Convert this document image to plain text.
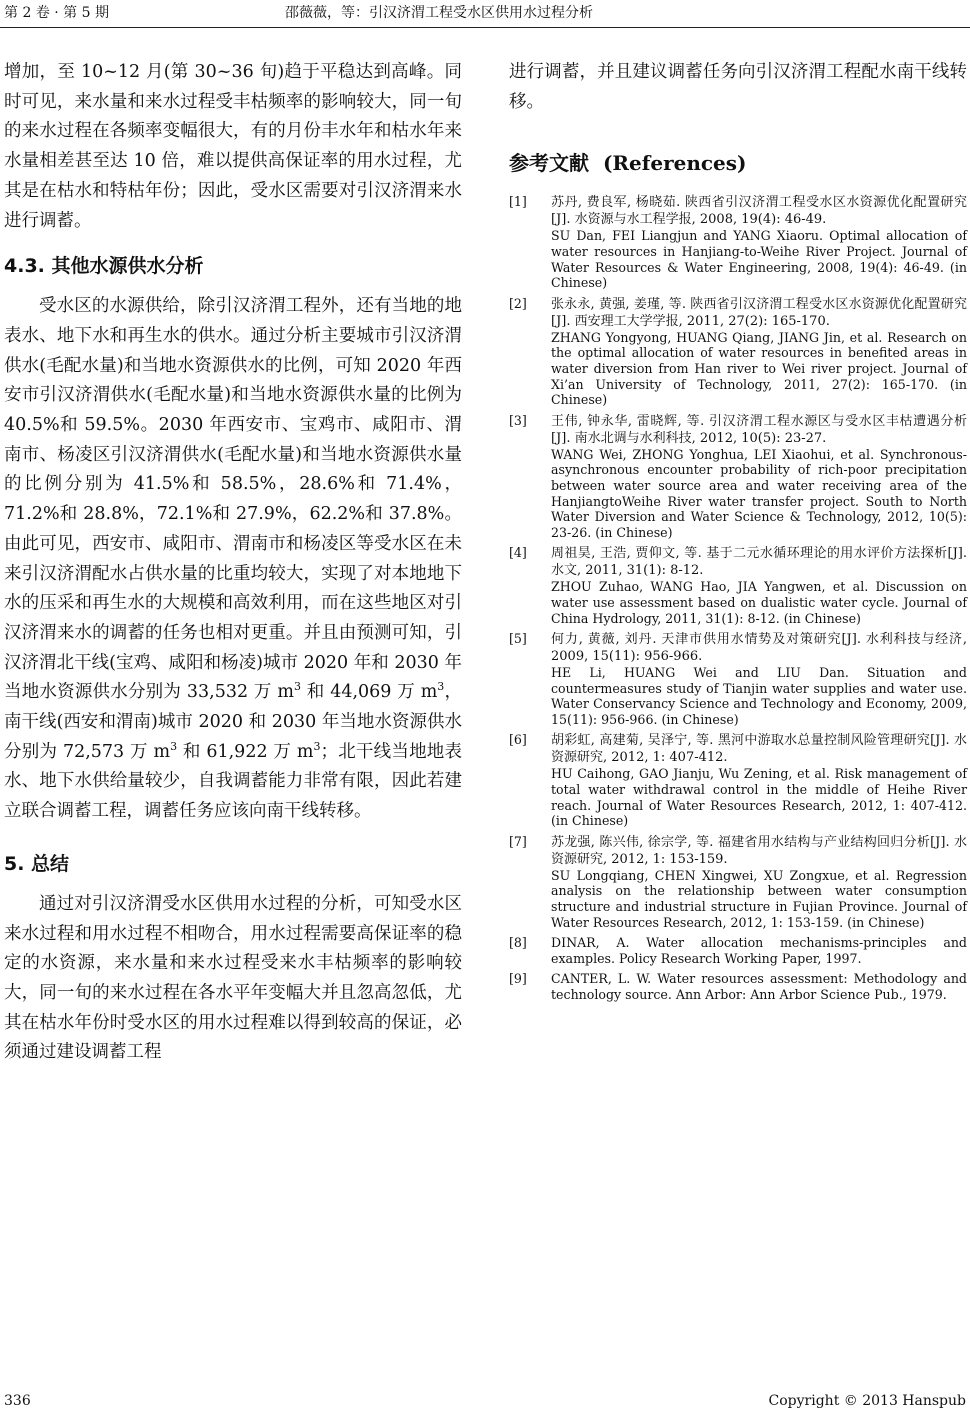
第 2 卷 · 第 5 期	邵薇薇，等：引汉济渭工程受水区供用水过程分析

增加，至 10~12 月(第 30~36 旬)趋于平稳达到高峰。同时可见，来水量和来水过程受丰枯频率的影响较大，同一旬的来水过程在各频率变幅很大，有的月份丰水年和枯水年来水量相差甚至达 10 倍，难以提供高保证率的用水过程，尤其是在枯水和特枯年份；因此，受水区需要对引汉济渭来水进行调蓄。

4.3. 其他水源供水分析

受水区的水源供给，除引汉济渭工程外，还有当地的地表水、地下水和再生水的供水。通过分析主要城市引汉济渭供水(毛配水量)和当地水资源供水的比例，可知 2020 年西安市引汉济渭供水(毛配水量)和当地水资源供水量的比例为 40.5%和 59.5%。2030 年西安市、宝鸡市、咸阳市、渭南市、杨凌区引汉济渭供水(毛配水量)和当地水资源供水量的比例分别为 41.5%和 58.5%，28.6%和 71.4%，71.2%和 28.8%，72.1%和 27.9%，62.2%和 37.8%。由此可见，西安市、咸阳市、渭南市和杨凌区等受水区在未来引汉济渭配水占供水量的比重均较大，实现了对本地地下水的压采和再生水的大规模和高效利用，而在这些地区对引汉济渭来水的调蓄的任务也相对更重。并且由预测可知，引汉济渭北干线(宝鸡、咸阳和杨凌)城市 2020 年和 2030 年当地水资源供水分别为 33,532 万 $m^3$ 和 44,069 万 $m^3$，南干线(西安和渭南)城市 2020 和 2030 年当地水资源供水分别为 72,573 万 $m^3$ 和 61,922 万 $m^3$；北干线当地地表水、地下水供给量较少，自我调蓄能力非常有限，因此若建立联合调蓄工程，调蓄任务应该向南干线转移。

5. 总结

通过对引汉济渭受水区供用水过程的分析，可知受水区来水过程和用水过程不相吻合，用水过程需要高保证率的稳定的水资源，来水量和来水过程受来水丰枯频率的影响较大，同一旬的来水过程在各水平年变幅大并且忽高忽低，尤其在枯水年份时受水区的用水过程难以得到较高的保证，必须通过建设调蓄工程

进行调蓄，并且建议调蓄任务向引汉济渭工程配水南干线转移。

参考文献 (References)
[1]	苏丹, 费良军, 杨晓茹. 陕西省引汉济渭工程受水区水资源优化配置研究[J]. 水资源与水工程学报, 2008, 19(4): 46-49.
SU Dan, FEI Liangjun and YANG Xiaoru. Optimal allocation of water resources in Hanjiang-to-Weihe River Project. Journal of Water Resources & Water Engineering, 2008, 19(4): 46-49. (in Chinese)
[2]	张永永, 黄强, 姜瑾, 等. 陕西省引汉济渭工程受水区水资源优化配置研究[J]. 西安理工大学学报, 2011, 27(2): 165-170.
ZHANG Yongyong, HUANG Qiang, JIANG Jin, et al. Research on the optimal allocation of water resources in benefited areas in water diversion from Han river to Wei river project. Journal of Xi’an University of Technology, 2011, 27(2): 165-170. (in Chinese)
[3]	王伟, 钟永华, 雷晓辉, 等. 引汉济渭工程水源区与受水区丰枯遭遇分析[J]. 南水北调与水利科技, 2012, 10(5): 23-27.
WANG Wei, ZHONG Yonghua, LEI Xiaohui, et al. Synchronous-asynchronous encounter probability of rich-poor precipitation between water source area and water receiving area of the HanjiangtoWeihe River water transfer project. South to North Water Diversion and Water Science & Technology, 2012, 10(5): 23-26. (in Chinese)
[4]	周祖昊, 王浩, 贾仰文, 等. 基于二元水循环理论的用水评价方法探析[J]. 水文, 2011, 31(1): 8-12.
ZHOU Zuhao, WANG Hao, JIA Yangwen, et al. Discussion on water use assessment based on dualistic water cycle. Journal of China Hydrology, 2011, 31(1): 8-12. (in Chinese)
[5]	何力, 黄薇, 刘丹. 天津市供用水情势及对策研究[J]. 水利科技与经济, 2009, 15(11): 956-966.
HE Li, HUANG Wei and LIU Dan. Situation and countermeasures study of Tianjin water supplies and water use. Water Conservancy Science and Technology and Economy, 2009, 15(11): 956-966. (in Chinese)
[6]	胡彩虹, 高建菊, 吴泽宁, 等. 黑河中游取水总量控制风险管理研究[J]. 水资源研究, 2012, 1: 407-412.
HU Caihong, GAO Jianju, Wu Zening, et al. Risk management of total water withdrawal control in the middle of Heihe River reach. Journal of Water Resources Research, 2012, 1: 407-412. (in Chinese)
[7]	苏龙强, 陈兴伟, 徐宗学, 等. 福建省用水结构与产业结构回归分析[J]. 水资源研究, 2012, 1: 153-159.
SU Longqiang, CHEN Xingwei, XU Zongxue, et al. Regression analysis on the relationship between water consumption structure and industrial structure in Fujian Province. Journal of Water Resources Research, 2012, 1: 153-159. (in Chinese)
[8]	DINAR, A. Water allocation mechanisms-principles and examples. Policy Research Working Paper, 1997.
[9]	CANTER, L. W. Water resources assessment: Methodology and technology source. Ann Arbor: Ann Arbor Science Pub., 1979.
336	Copyright © 2013 Hanspub
